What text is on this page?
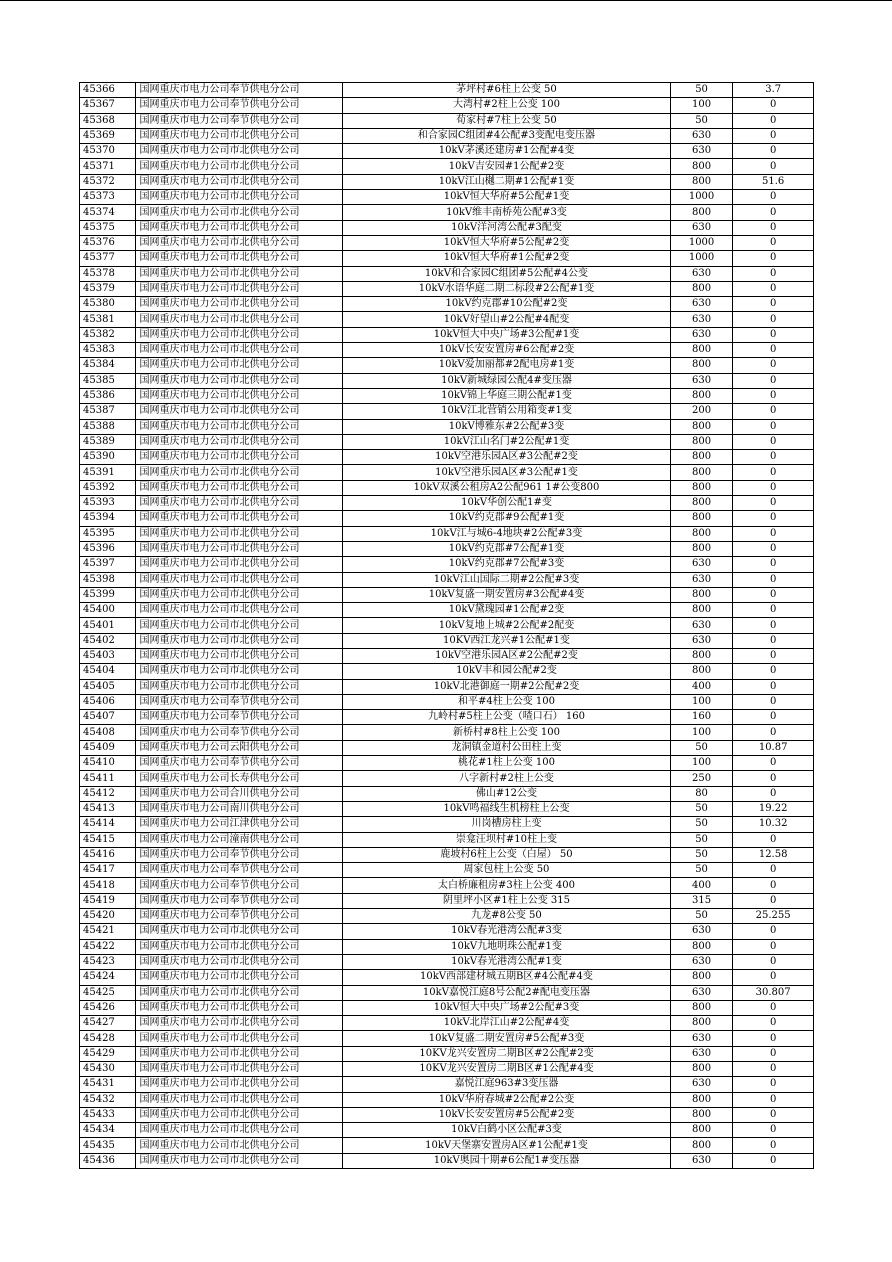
45366	国网重庆市电力公司奉节供电分公司	茅坪村#6柱上公变 50	50	3.7
45367	国网重庆市电力公司奉节供电分公司	大湾村#2柱上公变 100	100	0
45368	国网重庆市电力公司奉节供电分公司	荀家村#7柱上公变 50	50	0
45369	国网重庆市电力公司市北供电分公司	和合家园C组团#4公配#3变配电变压器	630	0
45370	国网重庆市电力公司市北供电分公司	10kV茅溪还建房#1公配#4变	630	0
45371	国网重庆市电力公司市北供电分公司	10kV吉安园#1公配#2变	800	0
45372	国网重庆市电力公司市北供电分公司	10kV江山樾二期#1公配#1变	800	51.6
45373	国网重庆市电力公司市北供电分公司	10kV恒大华府#5公配#1变	1000	0
45374	国网重庆市电力公司市北供电分公司	10kV维丰南桥苑公配#3变	800	0
45375	国网重庆市电力公司市北供电分公司	10kV洋河湾公配#3配变	630	0
45376	国网重庆市电力公司市北供电分公司	10kV恒大华府#5公配#2变	1000	0
45377	国网重庆市电力公司市北供电分公司	10kV恒大华府#1公配#2变	1000	0
45378	国网重庆市电力公司市北供电分公司	10kV和合家园C组团#5公配#4公变	630	0
45379	国网重庆市电力公司市北供电分公司	10kV水语华庭二期二标段#2公配#1变	800	0
45380	国网重庆市电力公司市北供电分公司	10kV约克郡#10公配#2变	630	0
45381	国网重庆市电力公司市北供电分公司	10kV好望山#2公配#4配变	630	0
45382	国网重庆市电力公司市北供电分公司	10kV恒大中央广场#3公配#1变	630	0
45383	国网重庆市电力公司市北供电分公司	10kV长安安置房#6公配#2变	800	0
45384	国网重庆市电力公司市北供电分公司	10kV爱加丽都#2配电房#1变	800	0
45385	国网重庆市电力公司市北供电分公司	10kV新城绿园公配4#变压器	630	0
45386	国网重庆市电力公司市北供电分公司	10kV锦上华庭三期公配#1变	800	0
45387	国网重庆市电力公司市北供电分公司	10kV江北营销公用箱变#1变	200	0
45388	国网重庆市电力公司市北供电分公司	10kV博雅东#2公配#3变	800	0
45389	国网重庆市电力公司市北供电分公司	10kV江山名门#2公配#1变	800	0
45390	国网重庆市电力公司市北供电分公司	10kV空港乐园A区#3公配#2变	800	0
45391	国网重庆市电力公司市北供电分公司	10kV空港乐园A区#3公配#1变	800	0
45392	国网重庆市电力公司市北供电分公司	10kV双溪公租房A2公配961 1#公变800	800	0
45393	国网重庆市电力公司市北供电分公司	10kV华创公配1#变	800	0
45394	国网重庆市电力公司市北供电分公司	10kV约克郡#9公配#1变	800	0
45395	国网重庆市电力公司市北供电分公司	10kV江与城6-4地块#2公配#3变	800	0
45396	国网重庆市电力公司市北供电分公司	10kV约克郡#7公配#1变	800	0
45397	国网重庆市电力公司市北供电分公司	10kV约克郡#7公配#3变	630	0
45398	国网重庆市电力公司市北供电分公司	10kV江山国际二期#2公配#3变	630	0
45399	国网重庆市电力公司市北供电分公司	10kV复盛一期安置房#3公配#4变	800	0
45400	国网重庆市电力公司市北供电分公司	10kV黛瑰园#1公配#2变	800	0
45401	国网重庆市电力公司市北供电分公司	10kV复地上城#2公配#2配变	630	0
45402	国网重庆市电力公司市北供电分公司	10KV西江龙兴#1公配#1变	630	0
45403	国网重庆市电力公司市北供电分公司	10kV空港乐园A区#2公配#2变	800	0
45404	国网重庆市电力公司市北供电分公司	10kV丰和园公配#2变	800	0
45405	国网重庆市电力公司市北供电分公司	10kV北港御庭一期#2公配#2变	400	0
45406	国网重庆市电力公司奉节供电分公司	和平#4柱上公变 100	100	0
45407	国网重庆市电力公司奉节供电分公司	九岭村#5柱上公变（喳口石） 160	160	0
45408	国网重庆市电力公司奉节供电分公司	新桥村#8柱上公变 100	100	0
45409	国网重庆市电力公司云阳供电分公司	龙洞镇金道村公田柱上变	50	10.87
45410	国网重庆市电力公司奉节供电分公司	桃花#1柱上公变 100	100	0
45411	国网重庆市电力公司长寿供电分公司	八字新村#2柱上公变	250	0
45412	国网重庆市电力公司合川供电分公司	佛山#12公变	80	0
45413	国网重庆市电力公司南川供电分公司	10kV鸣福线生机榜柱上公变	50	19.22
45414	国网重庆市电力公司江津供电分公司	川岗槽房柱上变	50	10.32
45415	国网重庆市电力公司潼南供电分公司	崇龛汪坝村#10柱上变	50	0
45416	国网重庆市电力公司奉节供电分公司	鹿坡村6柱上公变（白屋） 50	50	12.58
45417	国网重庆市电力公司奉节供电分公司	周家包柱上公变 50	50	0
45418	国网重庆市电力公司奉节供电分公司	太白桥廉租房#3柱上公变 400	400	0
45419	国网重庆市电力公司奉节供电分公司	阴里坪小区#1柱上公变 315	315	0
45420	国网重庆市电力公司奉节供电分公司	九龙#8公变 50	50	25.255
45421	国网重庆市电力公司市北供电分公司	10kV春光港湾公配#3变	630	0
45422	国网重庆市电力公司市北供电分公司	10kV九地明珠公配#1变	800	0
45423	国网重庆市电力公司市北供电分公司	10kV春光港湾公配#1变	630	0
45424	国网重庆市电力公司市北供电分公司	10kV西部建材城五期B区#4公配#4变	800	0
45425	国网重庆市电力公司市北供电分公司	10kV嘉悦江庭8号公配2#配电变压器	630	30.807
45426	国网重庆市电力公司市北供电分公司	10kV恒大中央广场#2公配#3变	800	0
45427	国网重庆市电力公司市北供电分公司	10kV北岸江山#2公配#4变	800	0
45428	国网重庆市电力公司市北供电分公司	10kV复盛二期安置房#5公配#3变	630	0
45429	国网重庆市电力公司市北供电分公司	10KV龙兴安置房二期B区#2公配#2变	630	0
45430	国网重庆市电力公司市北供电分公司	10KV龙兴安置房二期B区#1公配#4变	800	0
45431	国网重庆市电力公司市北供电分公司	嘉悦江庭963#3变压器	630	0
45432	国网重庆市电力公司市北供电分公司	10kV华府春城#2公配#2公变	800	0
45433	国网重庆市电力公司市北供电分公司	10kV长安安置房#5公配#2变	800	0
45434	国网重庆市电力公司市北供电分公司	10kV白鹤小区公配#3变	800	0
45435	国网重庆市电力公司市北供电分公司	10kV天堡寨安置房A区#1公配#1变	800	0
45436	国网重庆市电力公司市北供电分公司	10kV奥园十期#6公配1#变压器	630	0
